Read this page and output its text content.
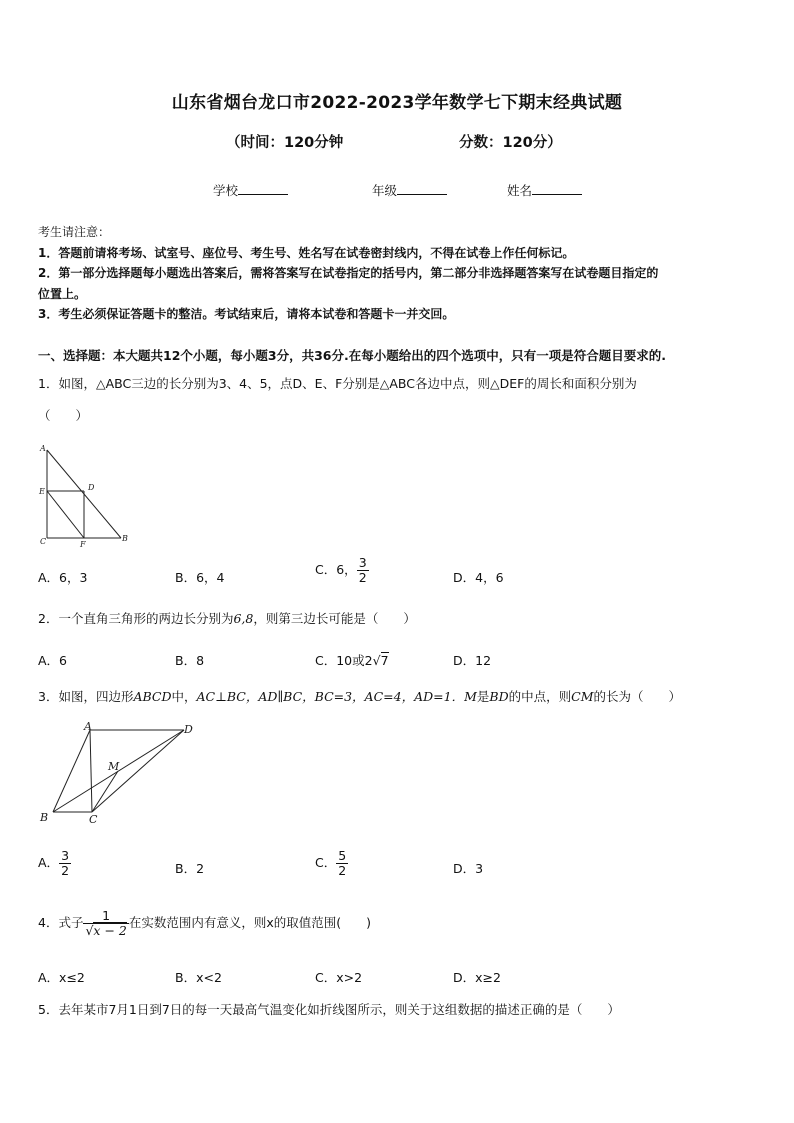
山东省烟台龙口市2022-2023学年数学七下期末经典试题
（时间：120分钟	分数：120分）
学校	年级	姓名
考生请注意：
1．答题前请将考场、试室号、座位号、考生号、姓名写在试卷密封线内，不得在试卷上作任何标记。
2．第一部分选择题每小题选出答案后，需将答案写在试卷指定的括号内，第二部分非选择题答案写在试卷题目指定的
位置上。
3．考生必须保证答题卡的整洁。考试结束后，请将本试卷和答题卡一并交回。
一、选择题：本大题共12个小题，每小题3分，共36分.在每小题给出的四个选项中，只有一项是符合题目要求的.
1．如图，△ABC三边的长分别为3、4、5，点D、E、F分别是△ABC各边中点，则△DEF的周长和面积分别为
（　　）
A
E	D
C	F
B
A．6，3	B．6，4
C．6， $\frac{3}{2}$	D．4，6
2．一个直角三角形的两边长分别为6,8，则第三边长可能是（　　）
A．6	B．8	C．10或2√7	D．12
3．如图，四边形ABCD中，AC⊥BC，AD∥BC，BC=3，AC=4，AD=1．M是BD的中点，则CM的长为（　　）
A	D
M
B	C
A． $\frac{3}{2}$	B．2	C． $\frac{5}{2}$	D．3
4．式子 $\frac{1}{√x - 2}$ 在实数范围内有意义，则x的取值范围(　　)
A．x≤2	B．x<2	C．x>2	D．x≥2
5．去年某市7月1日到7日的每一天最高气温变化如折线图所示，则关于这组数据的描述正确的是（　　）
